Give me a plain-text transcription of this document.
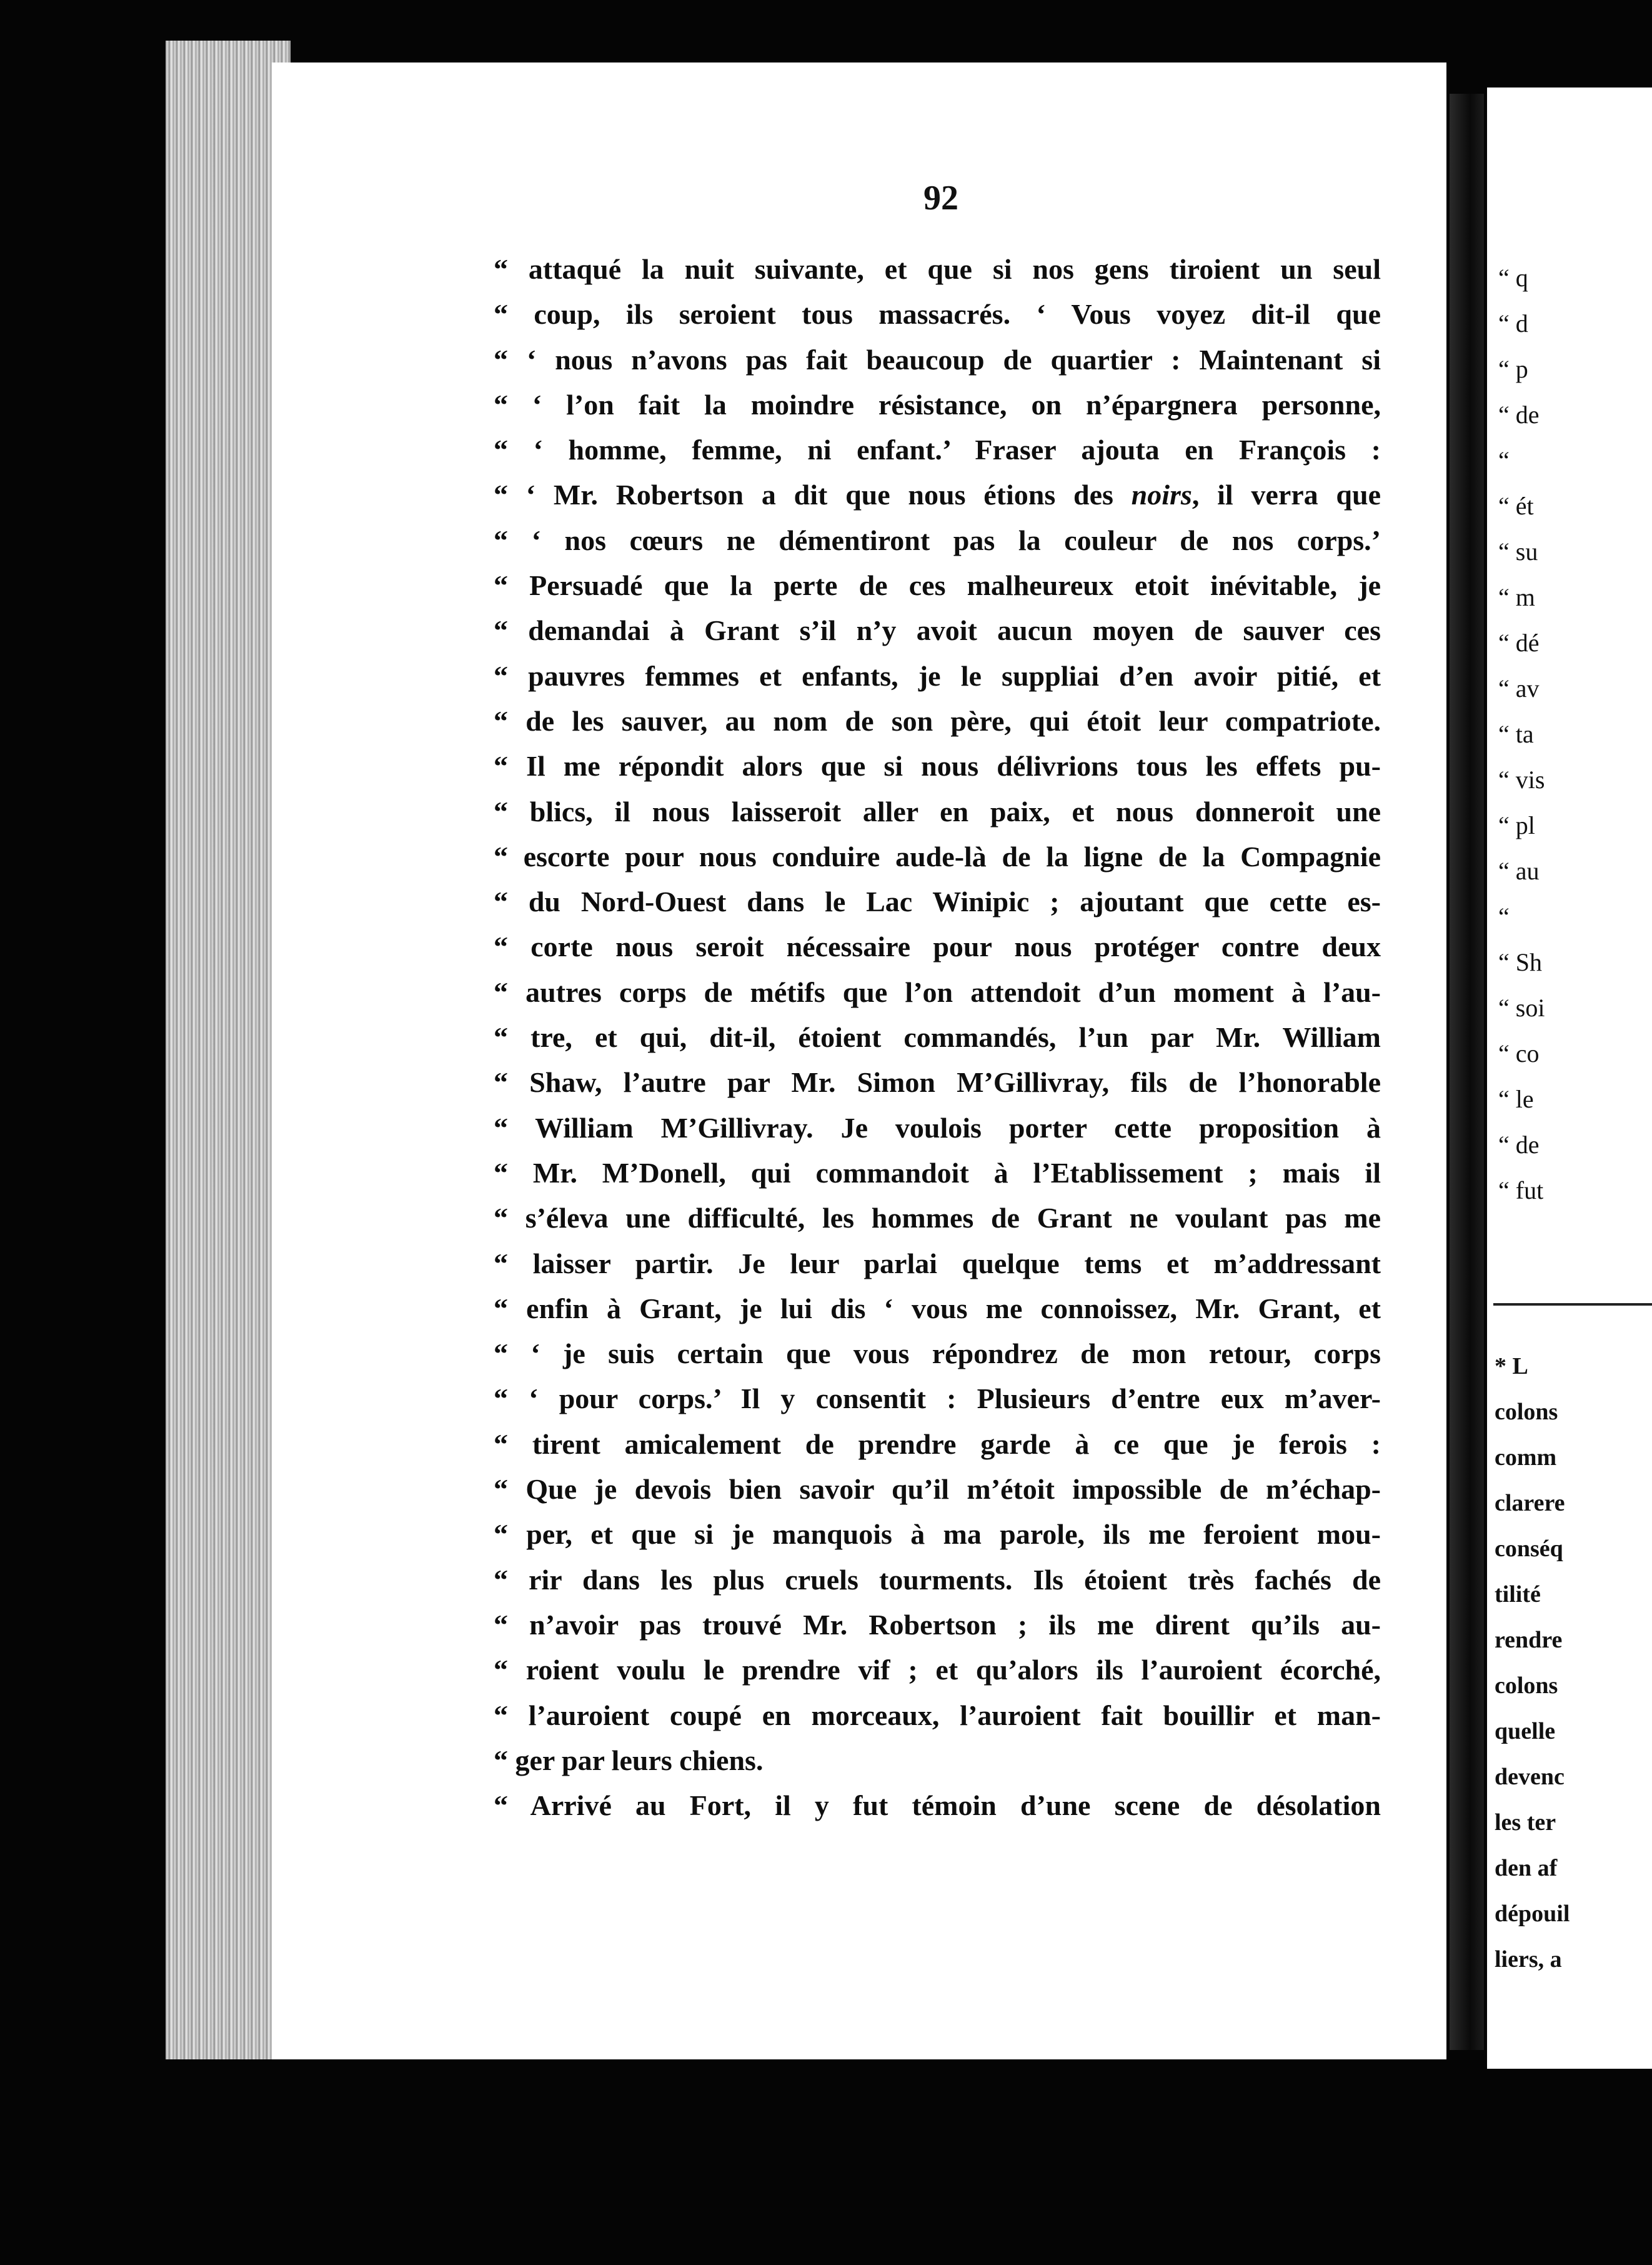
“ q
“ d
“ p
“ de
“
“ ét
“ su
“ m
“ dé
“ av
“ ta
“ vis
“ pl
“ au
“
“ Sh
“ soi
“ co
“ le
“ de
“ fut
* L
colons
comm
clarere
conséq
tilité
rendre
colons
quelle
devenc
les ter
den af
dépouil
liers, a
92
“ attaqué la nuit suivante, et que si nos gens tiroient un seul
“ coup, ils seroient tous massacrés. ‘ Vous voyez dit-il que
“ ‘ nous n’avons pas fait beaucoup de quartier : Maintenant si
“ ‘ l’on fait la moindre résistance, on n’épargnera personne,
“ ‘ homme, femme, ni enfant.’ Fraser ajouta en François :
“ ‘ Mr. Robertson a dit que nous étions des noirs, il verra que
“ ‘ nos cœurs ne démentiront pas la couleur de nos corps.’
“ Persuadé que la perte de ces malheureux etoit inévitable, je
“ demandai à Grant s’il n’y avoit aucun moyen de sauver ces
“ pauvres femmes et enfants, je le suppliai d’en avoir pitié, et
“ de les sauver, au nom de son père, qui étoit leur compatriote.
“ Il me répondit alors que si nous délivrions tous les effets pu-
“ blics, il nous laisseroit aller en paix, et nous donneroit une
“ escorte pour nous conduire aude-là de la ligne de la Compagnie
“ du Nord-Ouest dans le Lac Winipic ; ajoutant que cette es-
“ corte nous seroit nécessaire pour nous protéger contre deux
“ autres corps de métifs que l’on attendoit d’un moment à l’au-
“ tre, et qui, dit-il, étoient commandés, l’un par Mr. William
“ Shaw, l’autre par Mr. Simon M’Gillivray, fils de l’honorable
“ William M’Gillivray. Je voulois porter cette proposition à
“ Mr. M’Donell, qui commandoit à l’Etablissement ; mais il
“ s’éleva une difficulté, les hommes de Grant ne voulant pas me
“ laisser partir. Je leur parlai quelque tems et m’addressant
“ enfin à Grant, je lui dis ‘ vous me connoissez, Mr. Grant, et
“ ‘ je suis certain que vous répondrez de mon retour, corps
“ ‘ pour corps.’ Il y consentit : Plusieurs d’entre eux m’aver-
“ tirent amicalement de prendre garde à ce que je ferois :
“ Que je devois bien savoir qu’il m’étoit impossible de m’échap-
“ per, et que si je manquois à ma parole, ils me feroient mou-
“ rir dans les plus cruels tourments. Ils étoient très fachés de
“ n’avoir pas trouvé Mr. Robertson ; ils me dirent qu’ils au-
“ roient voulu le prendre vif ; et qu’alors ils l’auroient écorché,
“ l’auroient coupé en morceaux, l’auroient fait bouillir et man-
“ ger par leurs chiens.
“ Arrivé au Fort, il y fut témoin d’une scene de désolation
